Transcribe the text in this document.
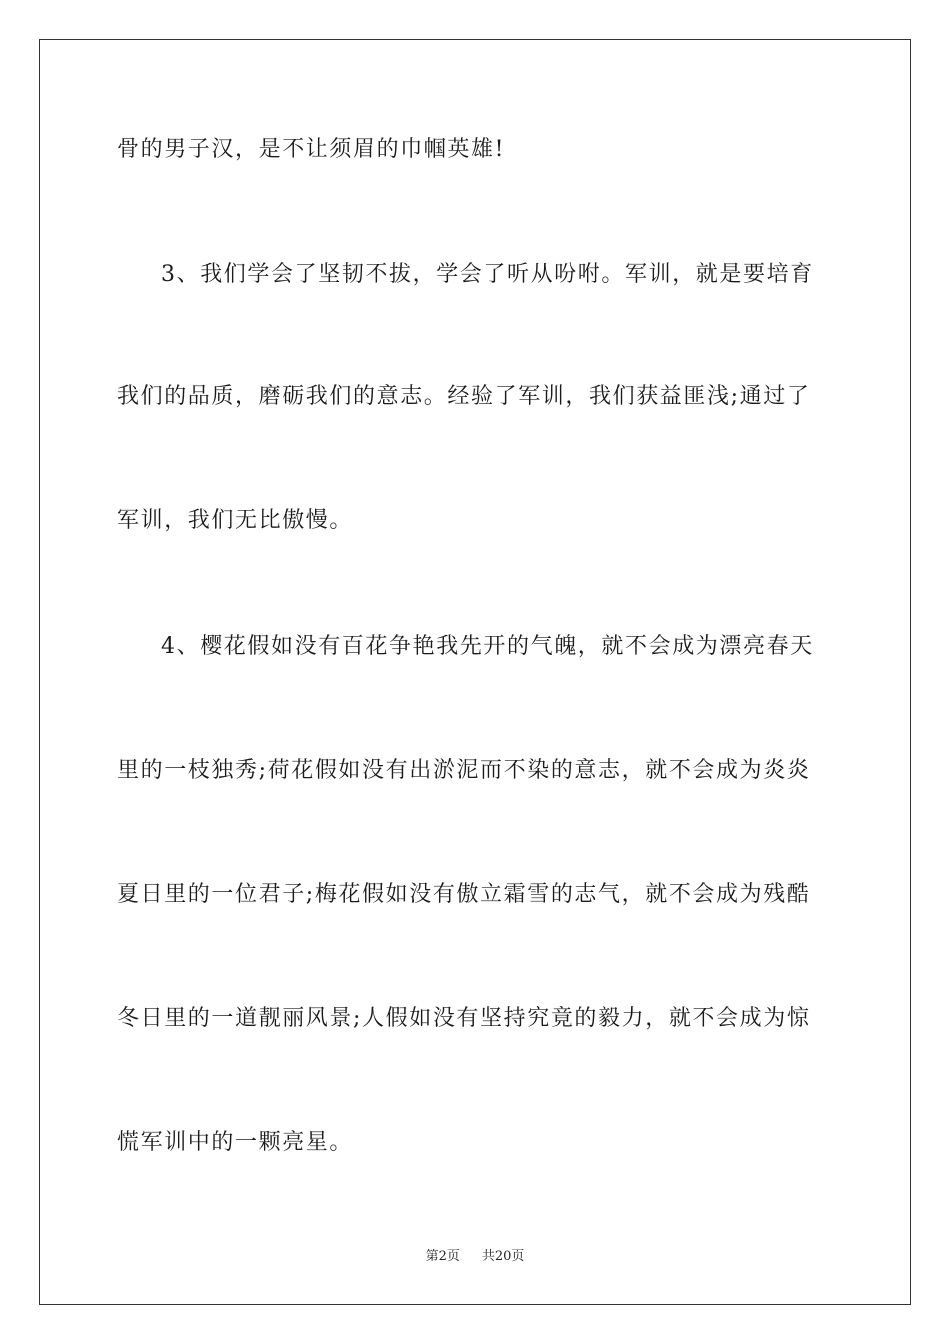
骨的男子汉，是不让须眉的巾帼英雄!
3、我们学会了坚韧不拔，学会了听从吩咐。军训，就是要培育
我们的品质，磨砺我们的意志。经验了军训，我们获益匪浅;通过了
军训，我们无比傲慢。
4、樱花假如没有百花争艳我先开的气魄，就不会成为漂亮春天
里的一枝独秀;荷花假如没有出淤泥而不染的意志，就不会成为炎炎
夏日里的一位君子;梅花假如没有傲立霜雪的志气，就不会成为残酷
冬日里的一道靓丽风景;人假如没有坚持究竟的毅力，就不会成为惊
慌军训中的一颗亮星。
第2页 共20页
